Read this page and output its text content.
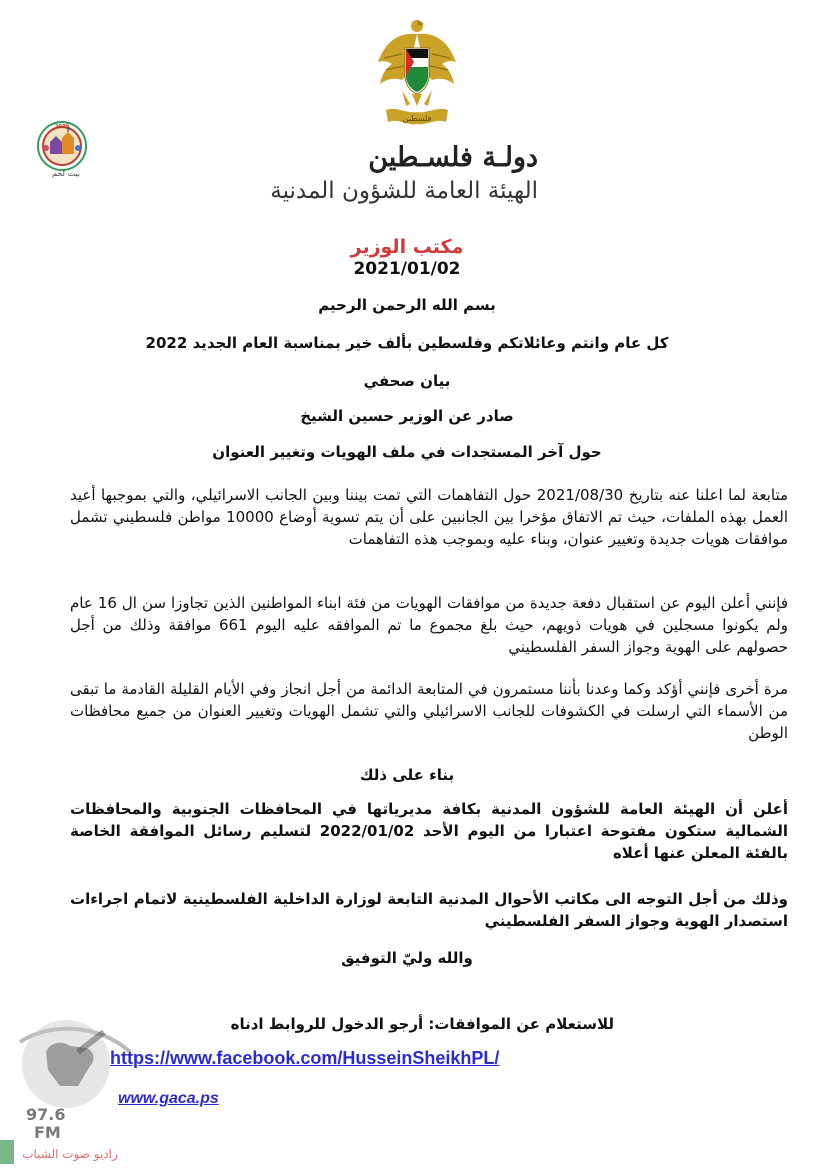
فلسطين
2020
بيت لحم
دولـة فلسـطين
الهيئة العامة للشؤون المدنية
مكتب الوزير
2021/01/02
بسم الله الرحمن الرحيم
كل عام وانتم وعائلاتكم وفلسطين بألف خير بمناسبة العام الجديد 2022
بيان صحفي
صادر عن الوزير حسين الشيخ
حول آخر المستجدات في ملف الهويات وتغيير العنوان

متابعة لما اعلنا عنه بتاريخ 2021/08/30 حول التفاهمات التي تمت بيننا وبين الجانب الاسرائيلي، والتي بموجبها أعيد العمل بهذه الملفات، حيث تم الاتفاق مؤخرا بين الجانبين على أن يتم تسوية أوضاع 10000 مواطن فلسطيني تشمل موافقات هويات جديدة وتغيير عنوان، وبناء عليه وبموجب هذه التفاهمات

فإنني أعلن اليوم عن استقبال دفعة جديدة من موافقات الهويات من فئة ابناء المواطنين الذين تجاوزا سن ال 16 عام ولم يكونوا مسجلين في هويات ذويهم، حيث بلغ مجموع ما تم الموافقه عليه اليوم 661 موافقة وذلك من أجل حصولهم على الهوية وجواز السفر الفلسطيني

مرة أخرى فإنني أؤكد وكما وعدنا بأننا مستمرون في المتابعة الدائمة من أجل انجاز وفي الأيام القليلة القادمة ما تبقى من الأسماء التي ارسلت في الكشوفات للجانب الاسرائيلي والتي تشمل الهويات وتغيير العنوان من جميع محافظات الوطن

بناء على ذلك

أعلن أن الهيئة العامة للشؤون المدنية بكافة مديرياتها في المحافظات الجنوبية والمحافظات الشمالية ستكون مفتوحة اعتبارا من اليوم الأحد 2022/01/02 لتسليم رسائل الموافقة الخاصة بالفئة المعلن عنها أعلاه

وذلك من أجل التوجه الى مكاتب الأحوال المدنية التابعة لوزارة الداخلية الفلسطينية لاتمام اجراءات استصدار الهوية وجواز السفر الفلسطيني

والله وليّ التوفيق
للاستعلام عن الموافقات: أرجو الدخول للروابط ادناه
97.6
FM
راديو صوت الشباب
https://www.facebook.com/HusseinSheikhPL/
www.gaca.ps
